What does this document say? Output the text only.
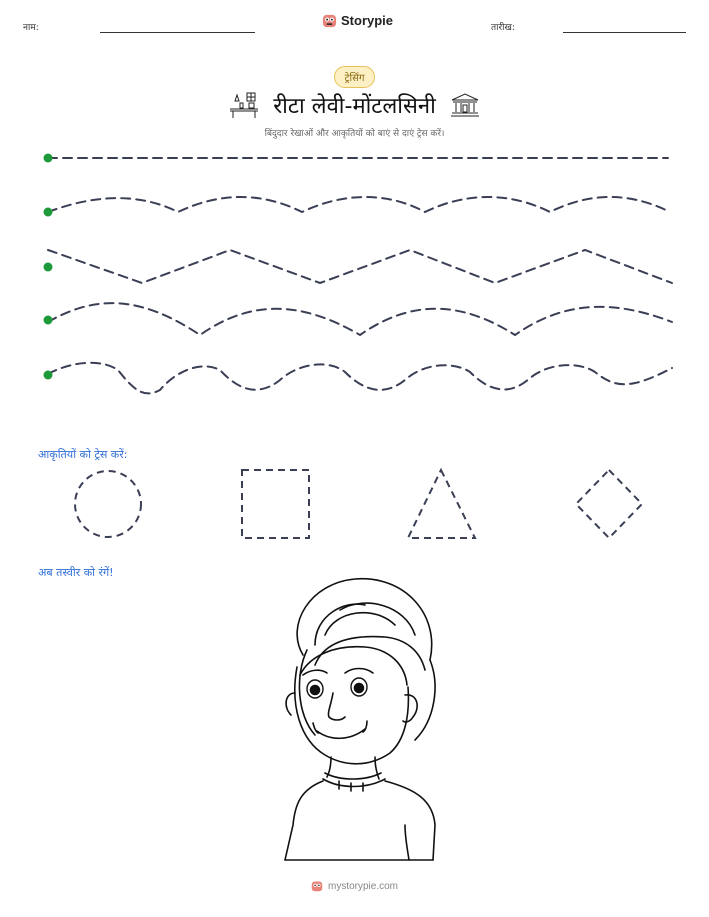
नाम:	Storypie	तारीख:
ट्रेसिंग
रीटा लेवी-मोंटलसिनी
बिंदुदार रेखाओं और आकृतियों को बाएं से दाएं ट्रेस करें।
आकृतियों को ट्रेस करें:
अब तस्वीर को रंगें!
mystorypie.com
